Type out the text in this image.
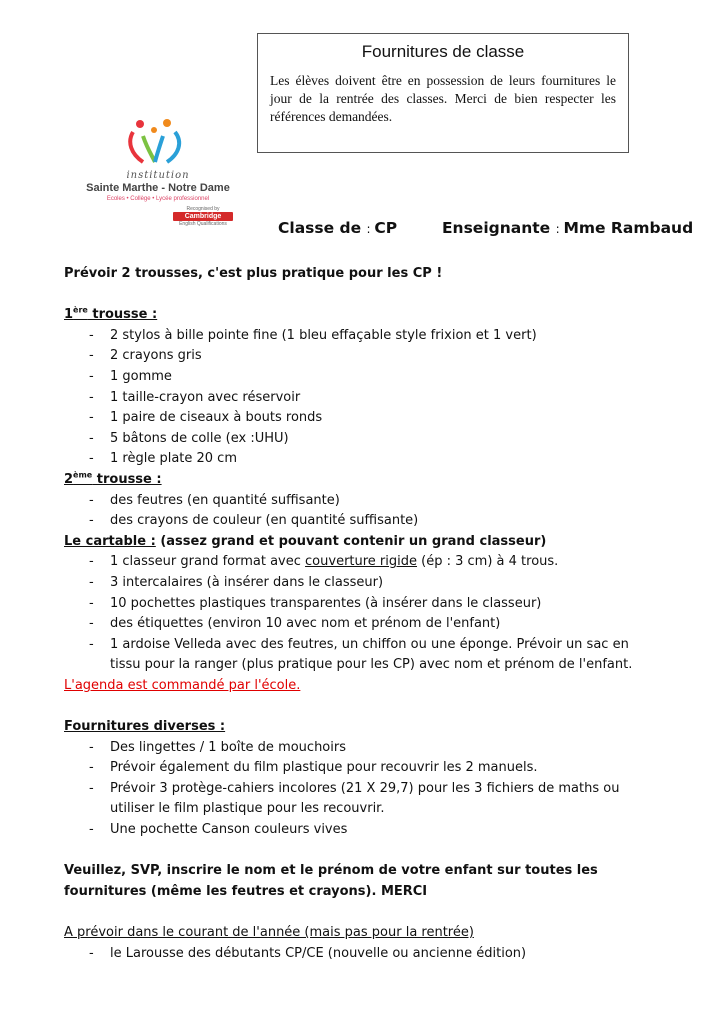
Fournitures de classe
Les élèves doivent être en possession de leurs fournitures le jour de la rentrée des classes. Merci de bien respecter les références demandées.
institution
Sainte Marthe - Notre Dame
Ecoles • Collège • Lycée professionnel
Recognised by
Cambridge
English Qualifications	Classe de : CP	Enseignante : Mme Rambaud
Prévoir 2 trousses, c'est plus pratique pour les CP !
1ère trousse :
- 2 stylos à bille pointe fine (1 bleu effaçable style frixion et 1 vert)
- 2 crayons gris
- 1 gomme
- 1 taille-crayon avec réservoir
- 1 paire de ciseaux à bouts ronds
- 5 bâtons de colle (ex :UHU)
- 1 règle plate 20 cm
2ème trousse :
- des feutres (en quantité suffisante)
- des crayons de couleur (en quantité suffisante)
Le cartable : (assez grand et pouvant contenir un grand classeur)
- 1 classeur grand format avec couverture rigide (ép : 3 cm) à 4 trous.
- 3 intercalaires (à insérer dans le classeur)
- 10 pochettes plastiques transparentes (à insérer dans le classeur)
- des étiquettes (environ 10 avec nom et prénom de l'enfant)
- 1 ardoise Velleda avec des feutres, un chiffon ou une éponge. Prévoir un sac en
tissu pour la ranger (plus pratique pour les CP) avec nom et prénom de l'enfant.
L'agenda est commandé par l'école.
Fournitures diverses :
- Des lingettes / 1 boîte de mouchoirs
- Prévoir également du film plastique pour recouvrir les 2 manuels.
- Prévoir 3 protège-cahiers incolores (21 X 29,7) pour les 3 fichiers de maths ou
utiliser le film plastique pour les recouvrir.
- Une pochette Canson couleurs vives
Veuillez, SVP, inscrire le nom et le prénom de votre enfant sur toutes les
fournitures (même les feutres et crayons). MERCI
A prévoir dans le courant de l'année (mais pas pour la rentrée)
- le Larousse des débutants CP/CE (nouvelle ou ancienne édition)
